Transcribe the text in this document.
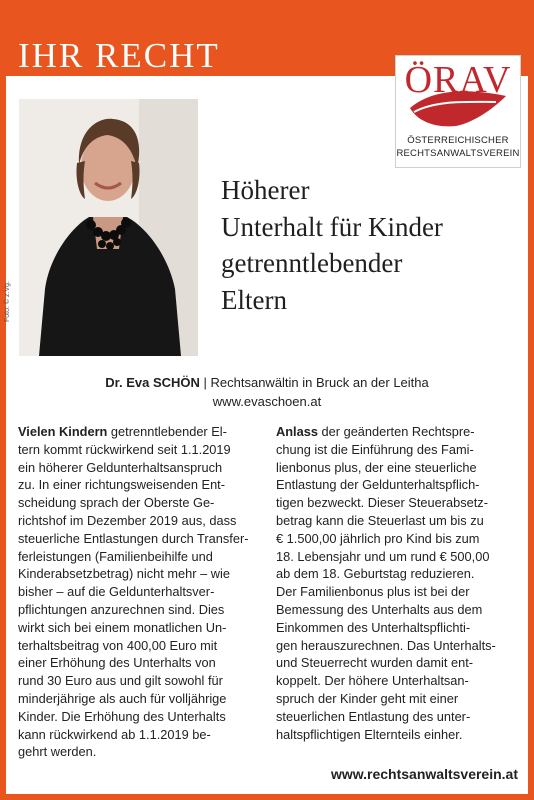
IHR RECHT
ÖRAV
ÖSTERREICHISCHER
RECHTSANWALTSVEREIN
Foto: © z.Vg.
Höherer
Unterhalt für Kinder
getrenntlebender
Eltern
Dr. Eva SCHÖN | Rechtsanwältin in Bruck an der Leitha
www.evaschoen.at
Vielen Kindern getrenntlebender El-
tern kommt rückwirkend seit 1.1.2019
ein höherer Geldunterhaltsanspruch
zu. In einer richtungsweisenden Ent-
scheidung sprach der Oberste Ge-
richtshof im Dezember 2019 aus, dass
steuerliche Entlastungen durch Transfer-
ferleistungen (Familienbeihilfe und
Kinderabsetzbetrag) nicht mehr – wie
bisher – auf die Geldunterhaltsver-
pflichtungen anzurechnen sind. Dies
wirkt sich bei einem monatlichen Un-
terhaltsbeitrag von 400,00 Euro mit
einer Erhöhung des Unterhalts von
rund 30 Euro aus und gilt sowohl für
minderjährige als auch für volljährige
Kinder. Die Erhöhung des Unterhalts
kann rückwirkend ab 1.1.2019 be-
gehrt werden.
Anlass der geänderten Rechtspre-
chung ist die Einführung des Fami-
lienbonus plus, der eine steuerliche
Entlastung der Geldunterhaltspflich-
tigen bezweckt. Dieser Steuerabsetz-
betrag kann die Steuerlast um bis zu
€ 1.500,00 jährlich pro Kind bis zum
18. Lebensjahr und um rund € 500,00
ab dem 18. Geburtstag reduzieren.
Der Familienbonus plus ist bei der
Bemessung des Unterhalts aus dem
Einkommen des Unterhaltspflichti-
gen herauszurechnen. Das Unterhalts-
und Steuerrecht wurden damit ent-
koppelt. Der höhere Unterhaltsan-
spruch der Kinder geht mit einer
steuerlichen Entlastung des unter-
haltspflichtigen Elternteils einher.
www.rechtsanwaltsverein.at
